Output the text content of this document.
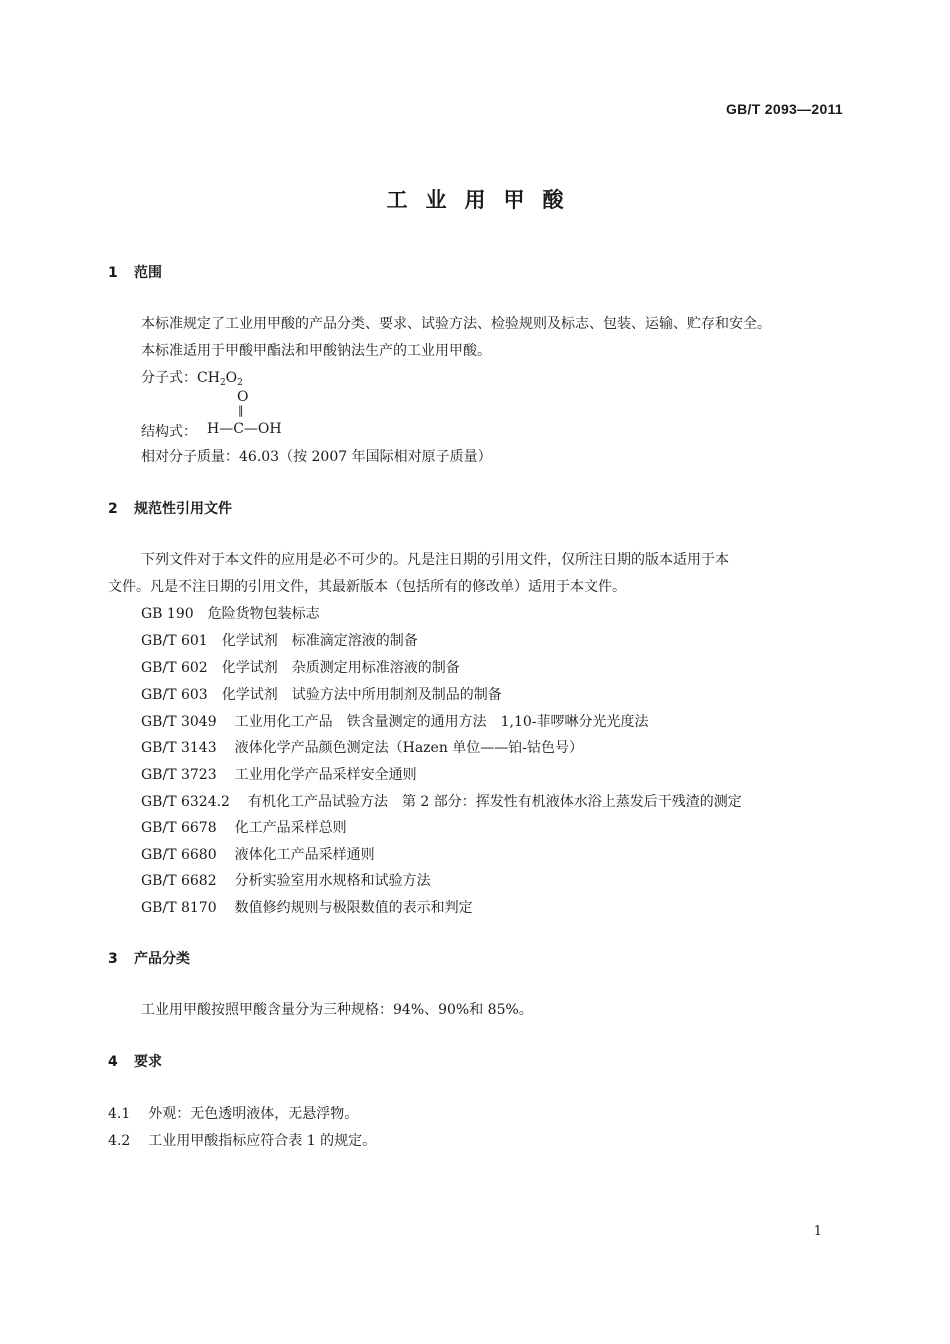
GB/T 2093—2011
工业用甲酸
1 范围
本标准规定了工业用甲酸的产品分类、要求、试验方法、检验规则及标志、包装、运输、贮存和安全。
本标准适用于甲酸甲酯法和甲酸钠法生产的工业用甲酸。
分子式：$CH_2O_2$
结构式：
O
‖
H—C—OH
相对分子质量：46.03（按 2007 年国际相对原子质量）
2 规范性引用文件
下列文件对于本文件的应用是必不可少的。凡是注日期的引用文件，仅所注日期的版本适用于本
文件。凡是不注日期的引用文件，其最新版本（包括所有的修改单）适用于本文件。
GB 190 危险货物包装标志
GB/T 601 化学试剂　标准滴定溶液的制备
GB/T 602 化学试剂　杂质测定用标准溶液的制备
GB/T 603 化学试剂　试验方法中所用制剂及制品的制备
GB/T 3049 工业用化工产品　铁含量测定的通用方法　1,10-菲啰啉分光光度法
GB/T 3143 液体化学产品颜色测定法（Hazen 单位——铂-钴色号）
GB/T 3723 工业用化学产品采样安全通则
GB/T 6324.2 有机化工产品试验方法　第 2 部分：挥发性有机液体水浴上蒸发后干残渣的测定
GB/T 6678 化工产品采样总则
GB/T 6680 液体化工产品采样通则
GB/T 6682 分析实验室用水规格和试验方法
GB/T 8170 数值修约规则与极限数值的表示和判定
3 产品分类
工业用甲酸按照甲酸含量分为三种规格：94%、90%和 85%。
4 要求
4.1 外观：无色透明液体，无悬浮物。
4.2 工业用甲酸指标应符合表 1 的规定。
1
